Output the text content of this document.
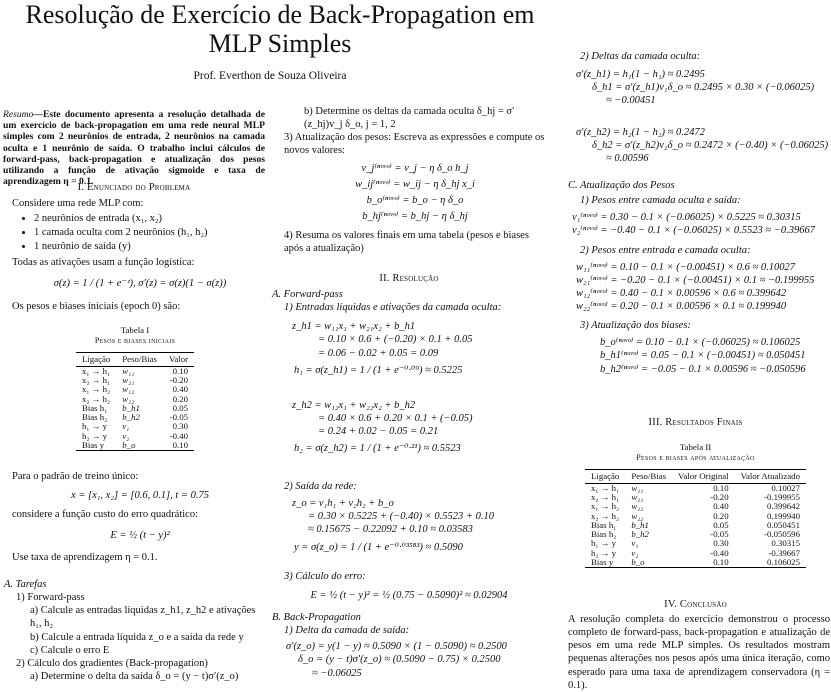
Resolução de Exercício de Back-Propagation em MLP Simples
Prof. Everthon de Souza Oliveira
Resumo—Este documento apresenta a resolução detalhada de um exercício de back-propagation em uma rede neural MLP simples com 2 neurônios de entrada, 2 neurônios na camada oculta e 1 neurônio de saída. O trabalho inclui cálculos de forward-pass, back-propagation e atualização dos pesos utilizando a função de ativação sigmoide e taxa de aprendizagem η = 0.1.
I. Enunciado do Problema
Considere uma rede MLP com:
• 2 neurônios de entrada (x₁, x₂)
• 1 camada oculta com 2 neurônios (h₁, h₂)
• 1 neurônio de saída (y)
Todas as ativações usam a função logística:
σ(z) = 1 / (1 + e⁻ᶻ), σ′(z) = σ(z)(1 − σ(z))
Os pesos e biases iniciais (epoch 0) são:
Tabela I
Pesos e biases iniciais
Ligação	Peso/Bias	Valor
x₁ → h₁	w₁₁	0.10
x₂ → h₁	w₂₁	-0.20
x₁ → h₂	w₁₂	0.40
x₂ → h₂	w₂₂	0.20
Bias h₁	b_h1	0.05
Bias h₂	b_h2	-0.05
h₁ → y	v₁	0.30
h₂ → y	v₂	-0.40
Bias y	b_o	0.10
Para o padrão de treino único:
x = [x₁, x₂] = [0.6, 0.1], t = 0.75
considere a função custo do erro quadrático:
E = ½ (t − y)²
Use taxa de aprendizagem η = 0.1.
A. Tarefas
1) Forward-pass
a) Calcule as entradas líquidas z_h1, z_h2 e ativações h₁, h₂
b) Calcule a entrada líquida z_o e a saída da rede y
c) Calcule o erro E
2) Cálculo dos gradientes (Back-propagation)
a) Determine o delta da saída δ_o = (y − t)σ′(z_o)
b) Determine os deltas da camada oculta δ_hj = σ′(z_hj)v_j δ_o, j = 1, 2
3) Atualização dos pesos: Escreva as expressões e compute os novos valores:
v_j⁽ⁿᵒᵛᵒ⁾ = v_j − η δ_o h_j
w_ij⁽ⁿᵒᵛᵒ⁾ = w_ij − η δ_hj x_i
b_o⁽ⁿᵒᵛᵒ⁾ = b_o − η δ_o
b_hj⁽ⁿᵒᵛᵒ⁾ = b_hj − η δ_hj
4) Resuma os valores finais em uma tabela (pesos e biases após a atualização)
II. Resolução
A. Forward-pass
1) Entradas líquidas e ativações da camada oculta:
z_h1 = w₁₁x₁ + w₂₁x₂ + b_h1
= 0.10 × 0.6 + (−0.20) × 0.1 + 0.05
= 0.06 − 0.02 + 0.05 = 0.09
h₁ = σ(z_h1) = 1 / (1 + e⁻⁰·⁰⁹) ≈ 0.5225
z_h2 = w₁₂x₁ + w₂₂x₂ + b_h2
= 0.40 × 0.6 + 0.20 × 0.1 + (−0.05)
= 0.24 + 0.02 − 0.05 = 0.21
h₂ = σ(z_h2) = 1 / (1 + e⁻⁰·²¹) ≈ 0.5523
2) Saída da rede:
z_o = v₁h₁ + v₂h₂ + b_o
= 0.30 × 0.5225 + (−0.40) × 0.5523 + 0.10
≈ 0.15675 − 0.22092 + 0.10 ≈ 0.03583
y = σ(z_o) = 1 / (1 + e⁻⁰·⁰³⁵⁸³) ≈ 0.5090
3) Cálculo do erro:
E = ½ (t − y)² = ½ (0.75 − 0.5090)² ≈ 0.02904
B. Back-Propagation
1) Delta da camada de saída:
σ′(z_o) = y(1 − y) ≈ 0.5090 × (1 − 0.5090) ≈ 0.2500
δ_o = (y − t)σ′(z_o) ≈ (0.5090 − 0.75) × 0.2500
≈ −0.06025
2) Deltas da camada oculta:
σ′(z_h1) = h₁(1 − h₁) ≈ 0.2495
δ_h1 = σ′(z_h1)v₁δ_o ≈ 0.2495 × 0.30 × (−0.06025)
≈ −0.00451
σ′(z_h2) = h₂(1 − h₂) ≈ 0.2472
δ_h2 = σ′(z_h2)v₂δ_o ≈ 0.2472 × (−0.40) × (−0.06025)
≈ 0.00596
C. Atualização dos Pesos
1) Pesos entre camada oculta e saída:
v₁⁽ⁿᵒᵛᵒ⁾ = 0.30 − 0.1 × (−0.06025) × 0.5225 ≈ 0.30315
v₂⁽ⁿᵒᵛᵒ⁾ = −0.40 − 0.1 × (−0.06025) × 0.5523 ≈ −0.39667
2) Pesos entre entrada e camada oculta:
w₁₁⁽ⁿᵒᵛᵒ⁾ = 0.10 − 0.1 × (−0.00451) × 0.6 ≈ 0.10027
w₂₁⁽ⁿᵒᵛᵒ⁾ = −0.20 − 0.1 × (−0.00451) × 0.1 ≈ −0.199955
w₁₂⁽ⁿᵒᵛᵒ⁾ = 0.40 − 0.1 × 0.00596 × 0.6 ≈ 0.399642
w₂₂⁽ⁿᵒᵛᵒ⁾ = 0.20 − 0.1 × 0.00596 × 0.1 ≈ 0.199940
3) Atualização dos biases:
b_o⁽ⁿᵒᵛᵒ⁾ = 0.10 − 0.1 × (−0.06025) ≈ 0.106025
b_h1⁽ⁿᵒᵛᵒ⁾ = 0.05 − 0.1 × (−0.00451) ≈ 0.050451
b_h2⁽ⁿᵒᵛᵒ⁾ = −0.05 − 0.1 × 0.00596 ≈ −0.050596
III. Resultados Finais
Tabela II
Pesos e biases após atualização
Ligação	Peso/Bias	Valor Original	Valor Atualizado
x₁ → h₁	w₁₁	0.10	0.10027
x₂ → h₁	w₂₁	-0.20	-0.199955
x₁ → h₂	w₁₂	0.40	0.399642
x₂ → h₂	w₂₂	0.20	0.199940
Bias h₁	b_h1	0.05	0.050451
Bias h₂	b_h2	-0.05	-0.050596
h₁ → y	v₁	0.30	0.30315
h₂ → y	v₂	-0.40	-0.39667
Bias y	b_o	0.10	0.106025
IV. Conclusão
A resolução completa do exercício demonstrou o processo completo de forward-pass, back-propagation e atualização de pesos em uma rede MLP simples. Os resultados mostram pequenas alterações nos pesos após uma única iteração, como esperado para uma taxa de aprendizagem conservadora (η = 0.1).
